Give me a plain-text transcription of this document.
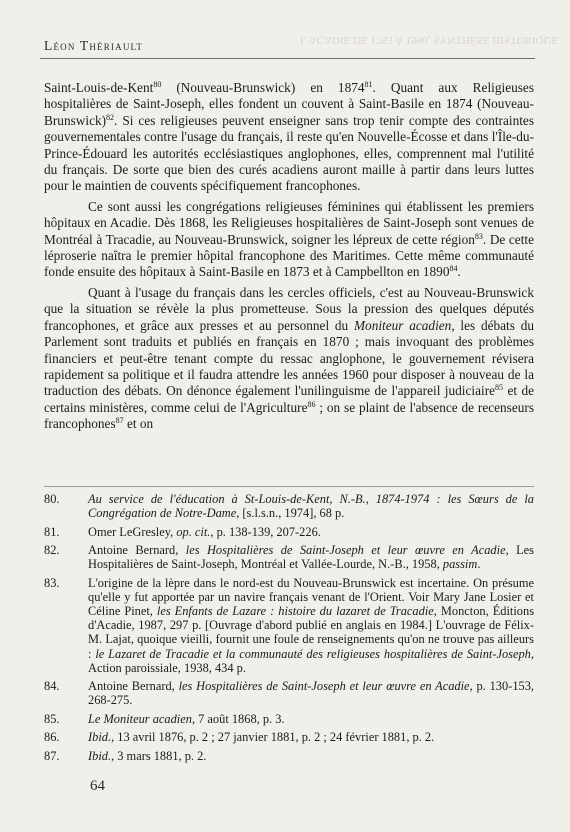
L'ACADIE DE 1763 À 1990, SYNTHÈSE HISTORIQUE
Léon Thériault

Saint-Louis-de-Kent$^{80}$ (Nouveau-Brunswick) en 1874$^{81}$. Quant aux Religieuses hospitalières de Saint-Joseph, elles fondent un couvent à Saint-Basile en 1874 (Nouveau-Brunswick)$^{82}$. Si ces religieuses peuvent enseigner sans trop tenir compte des contraintes gouvernementales contre l'usage du français, il reste qu'en Nouvelle-Écosse et dans l'Île-du-Prince-Édouard les autorités ecclésiastiques anglophones, elles, comprennent mal l'utilité du français. De sorte que bien des curés acadiens auront maille à partir dans leurs luttes pour le maintien de couvents spécifiquement francophones.

Ce sont aussi les congrégations religieuses féminines qui établissent les premiers hôpitaux en Acadie. Dès 1868, les Religieuses hospitalières de Saint-Joseph sont venues de Montréal à Tracadie, au Nouveau-Brunswick, soigner les lépreux de cette région$^{83}$. De cette léproserie naîtra le premier hôpital francophone des Maritimes. Cette même communauté fonde ensuite des hôpitaux à Saint-Basile en 1873 et à Campbellton en 1890$^{84}$.

Quant à l'usage du français dans les cercles officiels, c'est au Nouveau-Brunswick que la situation se révèle la plus prometteuse. Sous la pression des quelques députés francophones, et grâce aux presses et au personnel du Moniteur acadien, les débats du Parlement sont traduits et publiés en français en 1870 ; mais invoquant des problèmes financiers et peut-être tenant compte du ressac anglophone, le gouvernement révisera rapidement sa politique et il faudra attendre les années 1960 pour disposer à nouveau de la traduction des débats. On dénonce également l'unilinguisme de l'appareil judiciaire$^{85}$ et de certains ministères, comme celui de l'Agriculture$^{86}$ ; on se plaint de l'absence de recenseurs francophones$^{87}$ et on

80.	Au service de l'éducation à St-Louis-de-Kent, N.-B., 1874-1974 : les Sœurs de la Congrégation de Notre-Dame, [s.l.s.n., 1974], 68 p.
81.	Omer LeGresley, op. cit., p. 138-139, 207-226.
82.	Antoine Bernard, les Hospitalières de Saint-Joseph et leur œuvre en Acadie, Les Hospitalières de Saint-Joseph, Montréal et Vallée-Lourde, N.-B., 1958, passim.
83.	L'origine de la lèpre dans le nord-est du Nouveau-Brunswick est incertaine. On présume qu'elle y fut apportée par un navire français venant de l'Orient. Voir Mary Jane Losier et Céline Pinet, les Enfants de Lazare : histoire du lazaret de Tracadie, Moncton, Éditions d'Acadie, 1987, 297 p. [Ouvrage d'abord publié en anglais en 1984.] L'ouvrage de Félix-M. Lajat, quoique vieilli, fournit une foule de renseignements qu'on ne trouve pas ailleurs : le Lazaret de Tracadie et la communauté des religieuses hospitalières de Saint-Joseph, Action paroissiale, 1938, 434 p.
84.	Antoine Bernard, les Hospitalières de Saint-Joseph et leur œuvre en Acadie, p. 130-153, 268-275.
85.	Le Moniteur acadien, 7 août 1868, p. 3.
86.	Ibid., 13 avril 1876, p. 2 ; 27 janvier 1881, p. 2 ; 24 février 1881, p. 2.
87.	Ibid., 3 mars 1881, p. 2.
64
